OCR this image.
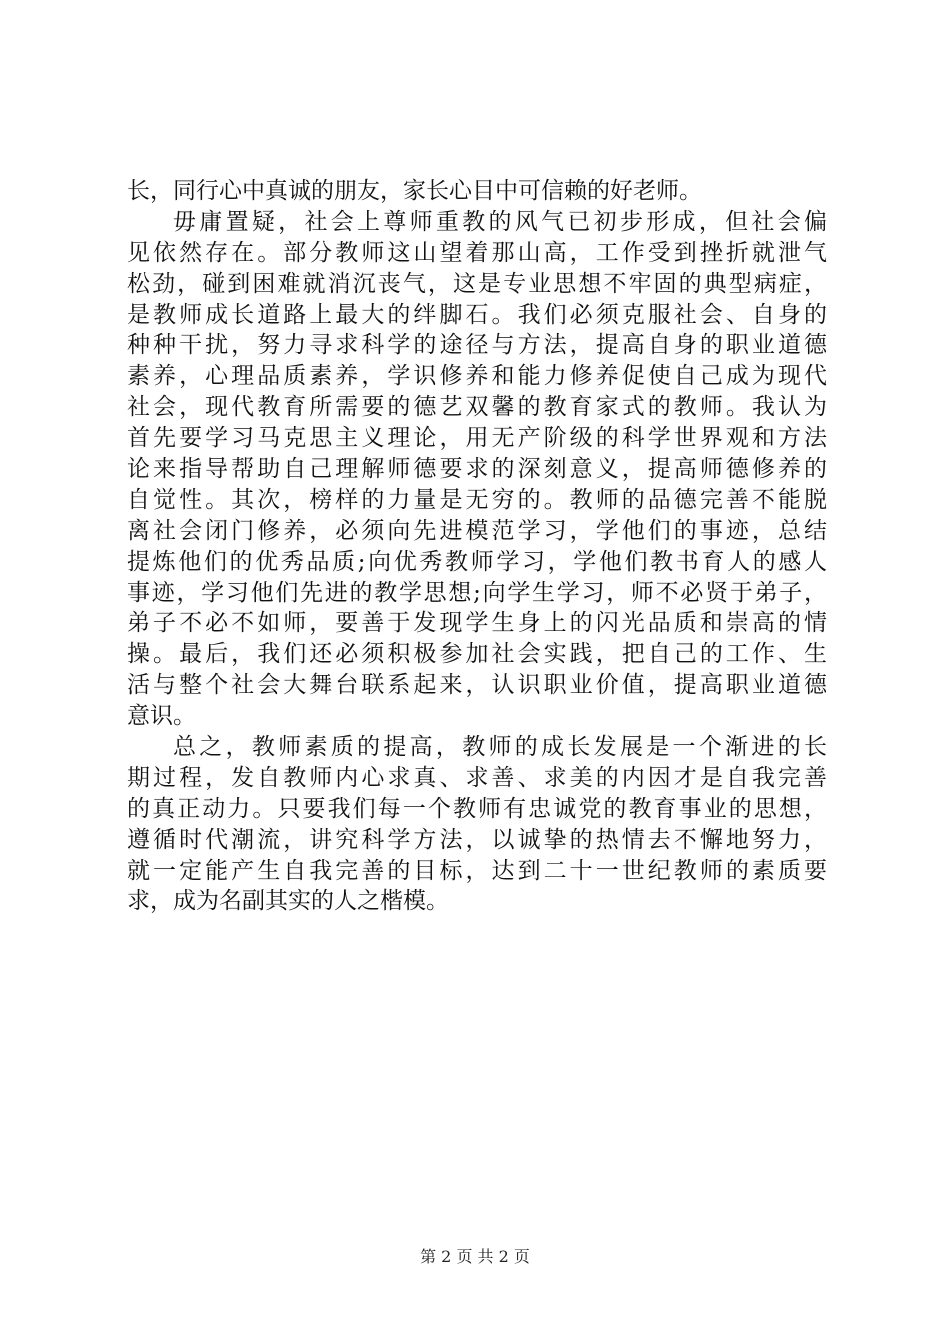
长，同行心中真诚的朋友，家长心目中可信赖的好老师。
毋庸置疑，社会上尊师重教的风气已初步形成，但社会偏
见依然存在。部分教师这山望着那山高，工作受到挫折就泄气
松劲，碰到困难就消沉丧气，这是专业思想不牢固的典型病症，
是教师成长道路上最大的绊脚石。我们必须克服社会、自身的
种种干扰，努力寻求科学的途径与方法，提高自身的职业道德
素养，心理品质素养，学识修养和能力修养促使自己成为现代
社会，现代教育所需要的德艺双馨的教育家式的教师。我认为
首先要学习马克思主义理论，用无产阶级的科学世界观和方法
论来指导帮助自己理解师德要求的深刻意义，提高师德修养的
自觉性。其次，榜样的力量是无穷的。教师的品德完善不能脱
离社会闭门修养，必须向先进模范学习，学他们的事迹，总结
提炼他们的优秀品质;向优秀教师学习，学他们教书育人的感人
事迹，学习他们先进的教学思想;向学生学习，师不必贤于弟子，
弟子不必不如师，要善于发现学生身上的闪光品质和崇高的情
操。最后，我们还必须积极参加社会实践，把自己的工作、生
活与整个社会大舞台联系起来，认识职业价值，提高职业道德
意识。
总之，教师素质的提高，教师的成长发展是一个渐进的长
期过程，发自教师内心求真、求善、求美的内因才是自我完善
的真正动力。只要我们每一个教师有忠诚党的教育事业的思想，
遵循时代潮流，讲究科学方法，以诚挚的热情去不懈地努力，
就一定能产生自我完善的目标，达到二十一世纪教师的素质要
求，成为名副其实的人之楷模。
第 2 页 共 2 页
